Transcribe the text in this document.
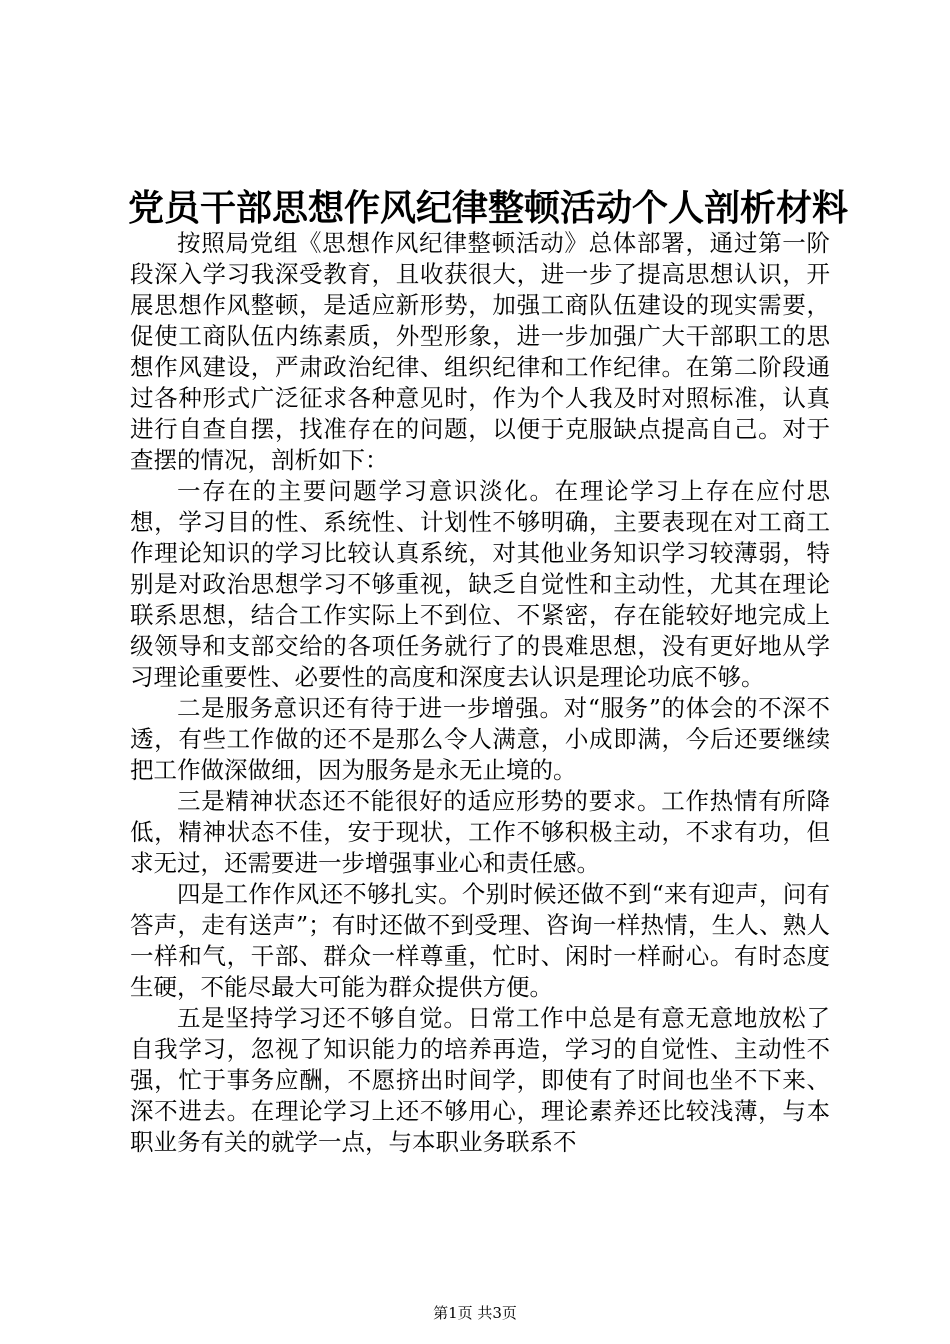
党员干部思想作风纪律整顿活动个人剖析材料

按照局党组《思想作风纪律整顿活动》总体部署，通过第一阶段深入学习我深受教育，且收获很大，进一步了提高思想认识，开展思想作风整顿，是适应新形势，加强工商队伍建设的现实需要，促使工商队伍内练素质，外型形象，进一步加强广大干部职工的思想作风建设，严肃政治纪律、组织纪律和工作纪律。在第二阶段通过各种形式广泛征求各种意见时，作为个人我及时对照标准，认真进行自查自摆，找准存在的问题，以便于克服缺点提高自己。对于查摆的情况，剖析如下：

一存在的主要问题学习意识淡化。在理论学习上存在应付思想，学习目的性、系统性、计划性不够明确，主要表现在对工商工作理论知识的学习比较认真系统，对其他业务知识学习较薄弱，特别是对政治思想学习不够重视，缺乏自觉性和主动性，尤其在理论联系思想，结合工作实际上不到位、不紧密，存在能较好地完成上级领导和支部交给的各项任务就行了的畏难思想，没有更好地从学习理论重要性、必要性的高度和深度去认识是理论功底不够。

二是服务意识还有待于进一步增强。对“服务”的体会的不深不透，有些工作做的还不是那么令人满意，小成即满，今后还要继续把工作做深做细，因为服务是永无止境的。

三是精神状态还不能很好的适应形势的要求。工作热情有所降低，精神状态不佳，安于现状，工作不够积极主动，不求有功，但求无过，还需要进一步增强事业心和责任感。

四是工作作风还不够扎实。个别时候还做不到“来有迎声，问有答声，走有送声”；有时还做不到受理、咨询一样热情，生人、熟人一样和气，干部、群众一样尊重，忙时、闲时一样耐心。有时态度生硬，不能尽最大可能为群众提供方便。

五是坚持学习还不够自觉。日常工作中总是有意无意地放松了自我学习，忽视了知识能力的培养再造，学习的自觉性、主动性不强，忙于事务应酬，不愿挤出时间学，即使有了时间也坐不下来、深不进去。在理论学习上还不够用心，理论素养还比较浅薄，与本职业务有关的就学一点，与本职业务联系不

第1页 共3页
